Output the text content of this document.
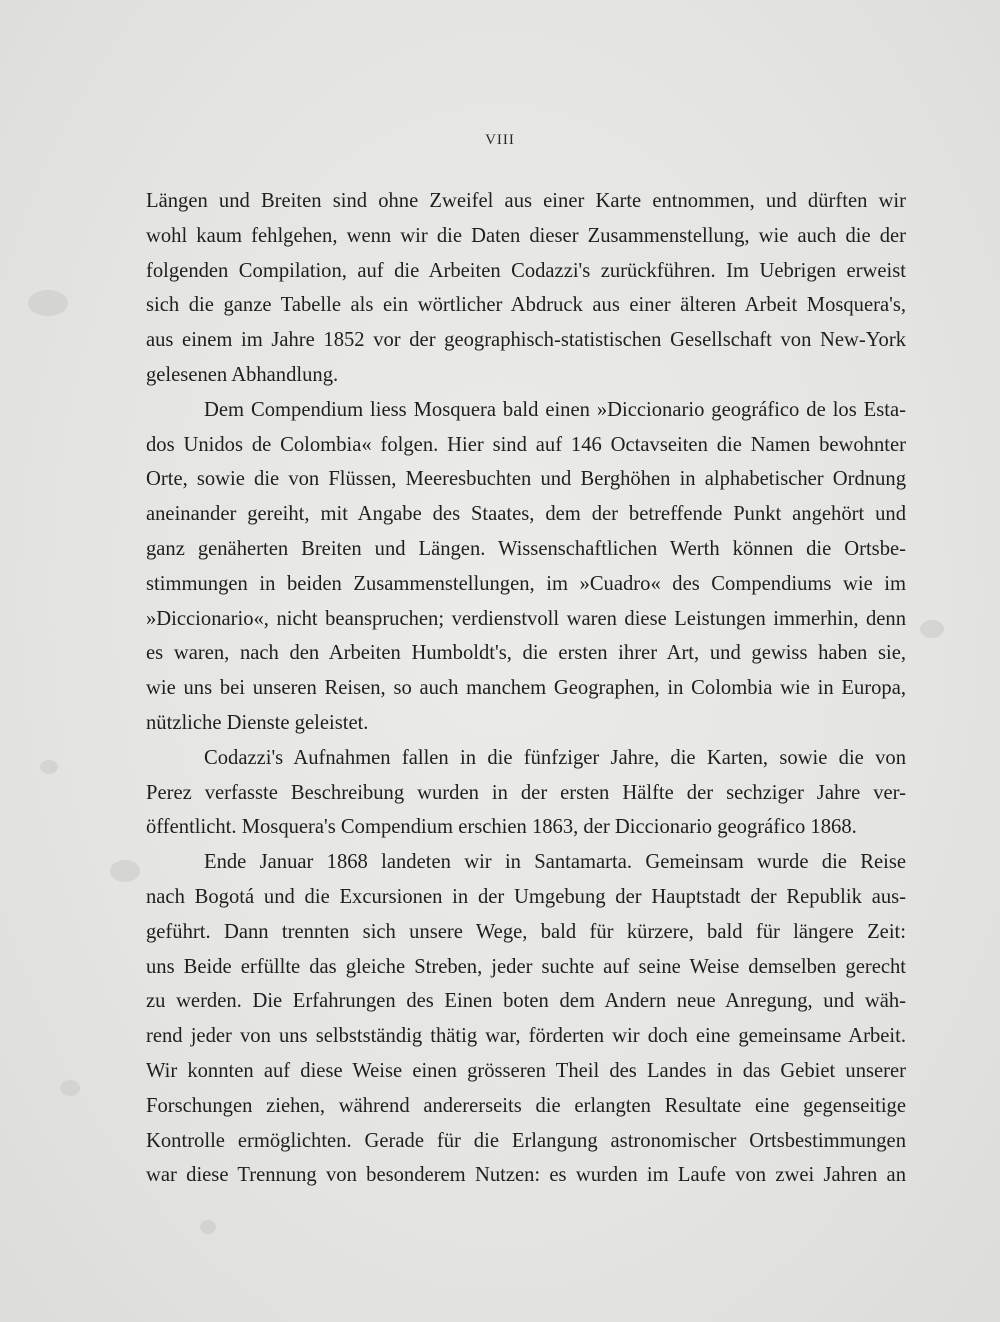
VIII
Längen und Breiten sind ohne Zweifel aus einer Karte entnommen, und dürften wir
wohl kaum fehlgehen, wenn wir die Daten dieser Zusammenstellung, wie auch die der
folgenden Compilation, auf die Arbeiten Codazzi's zurückführen. Im Uebrigen erweist
sich die ganze Tabelle als ein wörtlicher Abdruck aus einer älteren Arbeit Mosquera's,
aus einem im Jahre 1852 vor der geographisch-statistischen Gesellschaft von New-York
gelesenen Abhandlung.
Dem Compendium liess Mosquera bald einen »Diccionario geográfico de los Esta-
dos Unidos de Colombia« folgen. Hier sind auf 146 Octavseiten die Namen bewohnter
Orte, sowie die von Flüssen, Meeresbuchten und Berghöhen in alphabetischer Ordnung
aneinander gereiht, mit Angabe des Staates, dem der betreffende Punkt angehört und
ganz genäherten Breiten und Längen. Wissenschaftlichen Werth können die Ortsbe-
stimmungen in beiden Zusammenstellungen, im »Cuadro« des Compendiums wie im
»Diccionario«, nicht beanspruchen; verdienstvoll waren diese Leistungen immerhin, denn
es waren, nach den Arbeiten Humboldt's, die ersten ihrer Art, und gewiss haben sie,
wie uns bei unseren Reisen, so auch manchem Geographen, in Colombia wie in Europa,
nützliche Dienste geleistet.
Codazzi's Aufnahmen fallen in die fünfziger Jahre, die Karten, sowie die von
Perez verfasste Beschreibung wurden in der ersten Hälfte der sechziger Jahre ver-
öffentlicht. Mosquera's Compendium erschien 1863, der Diccionario geográfico 1868.
Ende Januar 1868 landeten wir in Santamarta. Gemeinsam wurde die Reise
nach Bogotá und die Excursionen in der Umgebung der Hauptstadt der Republik aus-
geführt. Dann trennten sich unsere Wege, bald für kürzere, bald für längere Zeit:
uns Beide erfüllte das gleiche Streben, jeder suchte auf seine Weise demselben gerecht
zu werden. Die Erfahrungen des Einen boten dem Andern neue Anregung, und wäh-
rend jeder von uns selbstständig thätig war, förderten wir doch eine gemeinsame Arbeit.
Wir konnten auf diese Weise einen grösseren Theil des Landes in das Gebiet unserer
Forschungen ziehen, während andererseits die erlangten Resultate eine gegenseitige
Kontrolle ermöglichten. Gerade für die Erlangung astronomischer Ortsbestimmungen
war diese Trennung von besonderem Nutzen: es wurden im Laufe von zwei Jahren an
